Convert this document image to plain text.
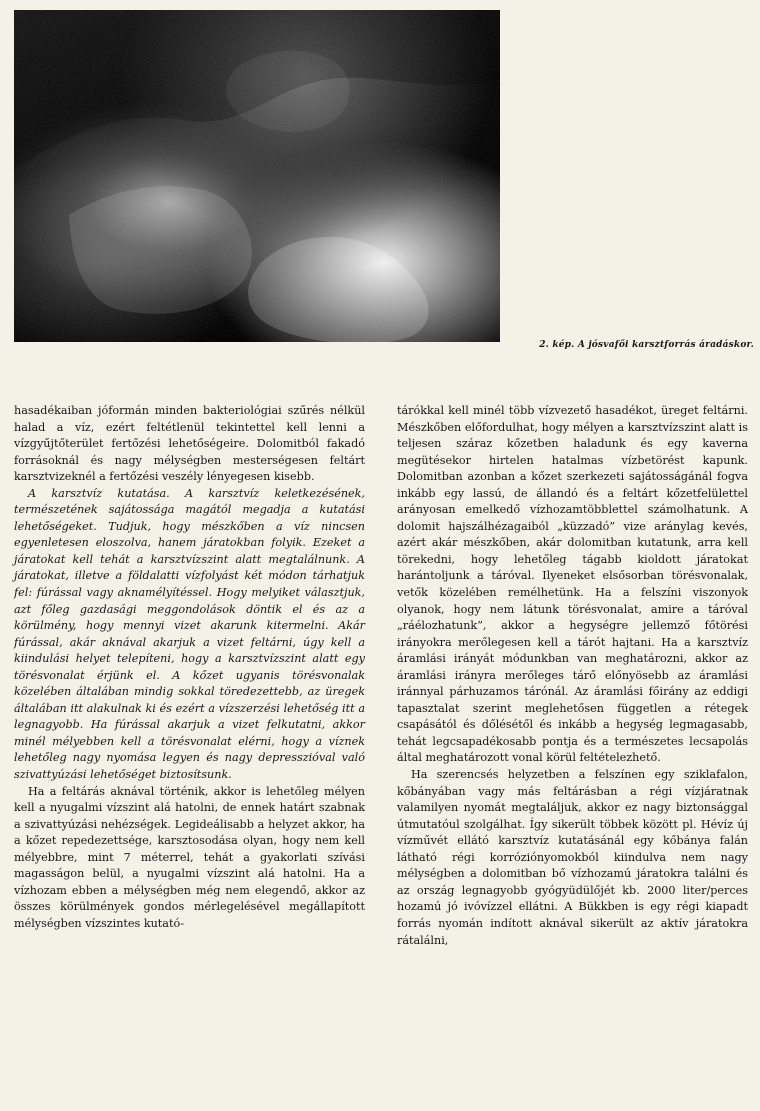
2. kép. A jósvafői karsztforrás áradáskor.

hasadékaiban jóformán minden bakteriológiai szűrés nélkül halad a víz, ezért feltétlenül tekintettel kell lenni a vízgyűjtőterület fertőzési lehetőségeire. Dolomitból fakadó forrásoknál és nagy mélységben mesterségesen feltárt karsztvizeknél a fertőzési veszély lényegesen kisebb.

A karsztvíz kutatása. A karsztvíz keletkezésének, természetének sajátossága magától megadja a kutatási lehetőségeket. Tudjuk, hogy mészkőben a víz nincsen egyenletesen eloszolva, hanem járatokban folyik. Ezeket a járatokat kell tehát a karsztvízszint alatt megtalálnunk. A járatokat, illetve a földalatti vízfolyást két módon tárhatjuk fel: fúrással vagy aknamélyítéssel. Hogy melyiket választjuk, azt főleg gazdasági meggondolások döntik el és az a körülmény, hogy mennyi vizet akarunk kitermelni. Akár fúrással, akár aknával akarjuk a vizet feltárni, úgy kell a kiindulási helyet telepíteni, hogy a karsztvízszint alatt egy törésvonalat érjünk el. A kőzet ugyanis törésvonalak közelében általában mindig sokkal töredezettebb, az üregek általában itt alakulnak ki és ezért a vízszerzési lehetőség itt a legnagyobb. Ha fúrással akarjuk a vizet felkutatni, akkor minél mélyebben kell a törésvonalat elérni, hogy a víznek lehetőleg nagy nyomása legyen és nagy depresszióval való szivattyúzási lehetőséget biztosítsunk.

Ha a feltárás aknával történik, akkor is lehetőleg mélyen kell a nyugalmi vízszint alá hatolni, de ennek határt szabnak a szivattyúzási nehézségek. Legideálisabb a helyzet akkor, ha a kőzet repedezettsége, karsztosodása olyan, hogy nem kell mélyebbre, mint 7 méterrel, tehát a gyakorlati szívási magasságon belül, a nyugalmi vízszint alá hatolni. Ha a vízhozam ebben a mélységben még nem elegendő, akkor az összes körülmények gondos mérlegelésével megállapított mélységben vízszintes kutató-

tárókkal kell minél több vízvezető hasadékot, üreget feltárni. Mészkőben előfordulhat, hogy mélyen a karsztvízszint alatt is teljesen száraz kőzetben haladunk és egy kaverna megütésekor hirtelen hatalmas vízbetörést kapunk. Dolomitban azonban a kőzet szerkezeti sajátosságánál fogva inkább egy lassú, de állandó és a feltárt kőzetfelülettel arányosan emelkedő vízhozamtöbblettel számolhatunk. A dolomit hajszálhézagaiból „küzzadó” vize aránylag kevés, azért akár mészkőben, akár dolomitban kutatunk, arra kell törekedni, hogy lehetőleg tágabb kioldott járatokat harántoljunk a táróval. Ilyeneket elsősorban törésvonalak, vetők közelében remélhetünk. Ha a felszíni viszonyok olyanok, hogy nem látunk törésvonalat, amire a táróval „ráélozhatunk”, akkor a hegységre jellemző főtörési irányokra merőlegesen kell a tárót hajtani. Ha a karsztvíz áramlási irányát módunkban van meghatározni, akkor az áramlási irányra merőleges tárő előnyösebb az áramlási iránnyal párhuzamos tárónál. Az áramlási főirány az eddigi tapasztalat szerint meglehetősen független a rétegek csapásától és dőlésétől és inkább a hegység legmagasabb, tehát legcsapadékosabb pontja és a természetes lecsapolás által meghatározott vonal körül feltételezhető.

Ha szerencsés helyzetben a felszínen egy sziklafalon, kőbányában vagy más feltárásban a régi vízjáratnak valamilyen nyomát megtaláljuk, akkor ez nagy biztonsággal útmutatóul szolgálhat. Így sikerült többek között pl. Hévíz új vízművét ellátó karsztvíz kutatásánál egy kőbánya falán látható régi korróziónyomokból kiindulva nem nagy mélységben a dolomitban bő vízhozamú járatokra találni és az ország legnagyobb gyógyüdülőjét kb. 2000 liter/perces hozamú jó ivóvízzel ellátni. A Bükkben is egy régi kiapadt forrás nyomán indított aknával sikerült az aktív járatokra rátalálni,
